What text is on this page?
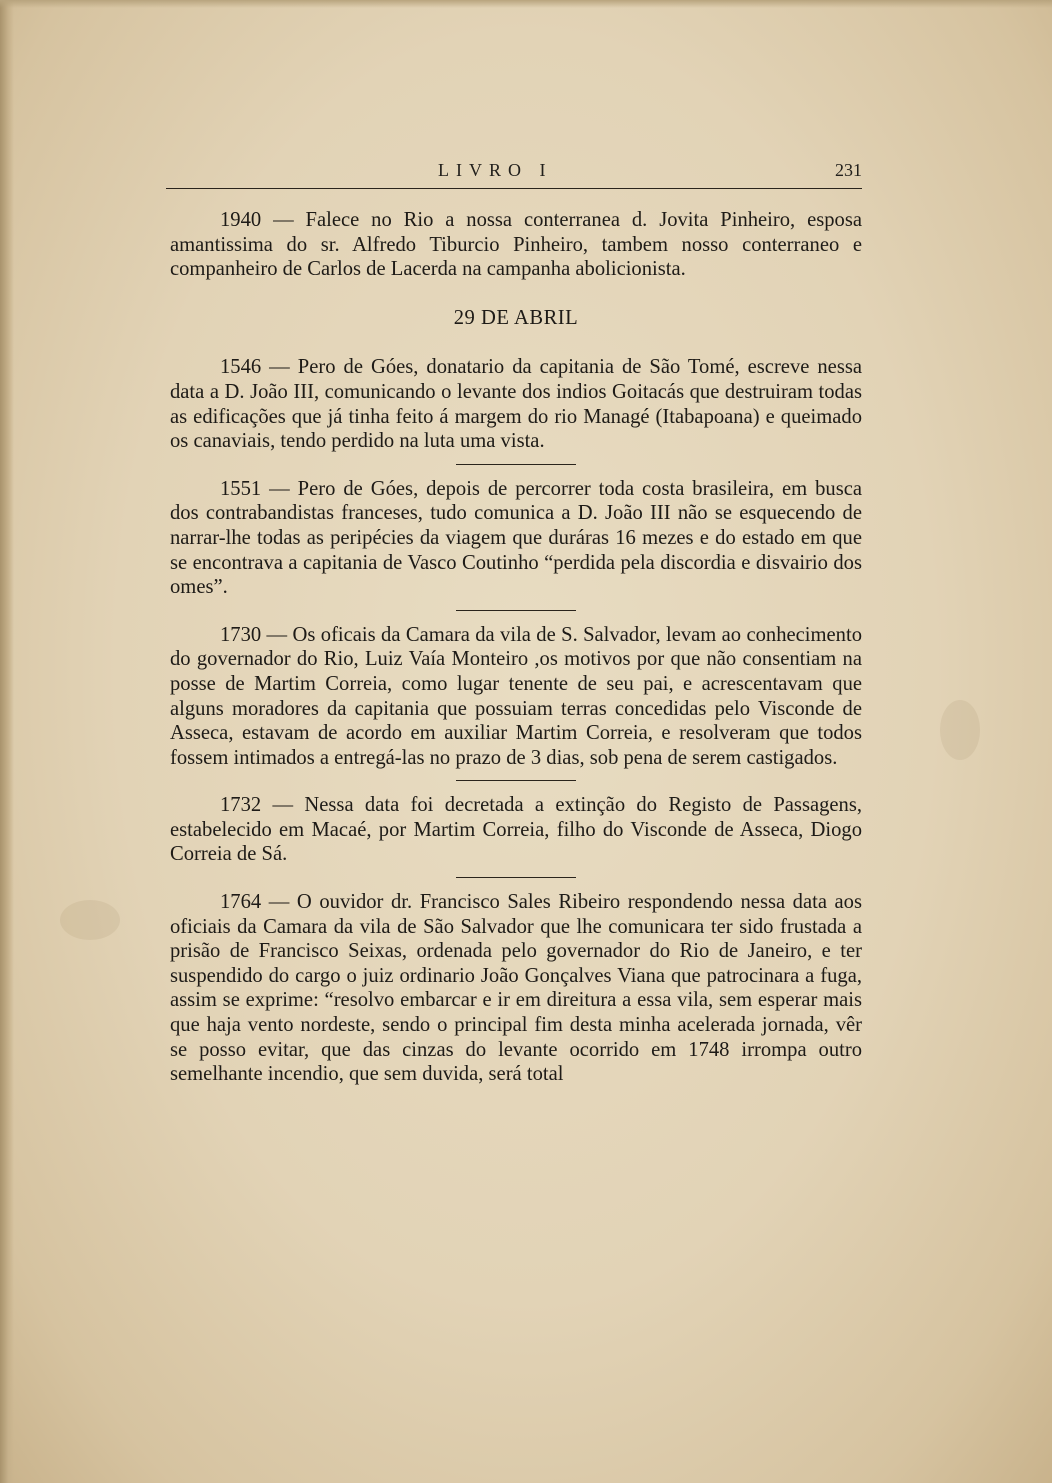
LIVRO I	231

1940 — Falece no Rio a nossa conterranea d. Jovita Pinheiro, esposa amantissima do sr. Alfredo Tiburcio Pinheiro, tambem nosso conterraneo e companheiro de Carlos de Lacerda na campanha abolicionista.

29 DE ABRIL

1546 — Pero de Góes, donatario da capitania de São Tomé, escreve nessa data a D. João III, comunicando o levante dos indios Goitacás que destruiram todas as edificações que já tinha feito á margem do rio Managé (Itabapoana) e queimado os canaviais, tendo perdido na luta uma vista.

1551 — Pero de Góes, depois de percorrer toda costa brasileira, em busca dos contrabandistas franceses, tudo comunica a D. João III não se esquecendo de narrar-lhe todas as peripécies da viagem que duráras 16 mezes e do estado em que se encontrava a capitania de Vasco Coutinho “perdida pela discordia e disvairio dos omes”.

1730 — Os oficais da Camara da vila de S. Salvador, levam ao conhecimento do governador do Rio, Luiz Vaía Monteiro ,os motivos por que não consentiam na posse de Martim Correia, como lugar tenente de seu pai, e acrescentavam que alguns moradores da capitania que possuiam terras concedidas pelo Visconde de Asseca, estavam de acordo em auxiliar Martim Correia, e resolveram que todos fossem intimados a entregá-las no prazo de 3 dias, sob pena de serem castigados.

1732 — Nessa data foi decretada a extinção do Registo de Passagens, estabelecido em Macaé, por Martim Correia, filho do Visconde de Asseca, Diogo Correia de Sá.

1764 — O ouvidor dr. Francisco Sales Ribeiro respondendo nessa data aos oficiais da Camara da vila de São Salvador que lhe comunicara ter sido frustada a prisão de Francisco Seixas, ordenada pelo governador do Rio de Janeiro, e ter suspendido do cargo o juiz ordinario João Gonçalves Viana que patrocinara a fuga, assim se exprime: “resolvo embarcar e ir em direitura a essa vila, sem esperar mais que haja vento nordeste, sendo o principal fim desta minha acelerada jornada, vêr se posso evitar, que das cinzas do levante ocorrido em 1748 irrompa outro semelhante incendio, que sem duvida, será total
